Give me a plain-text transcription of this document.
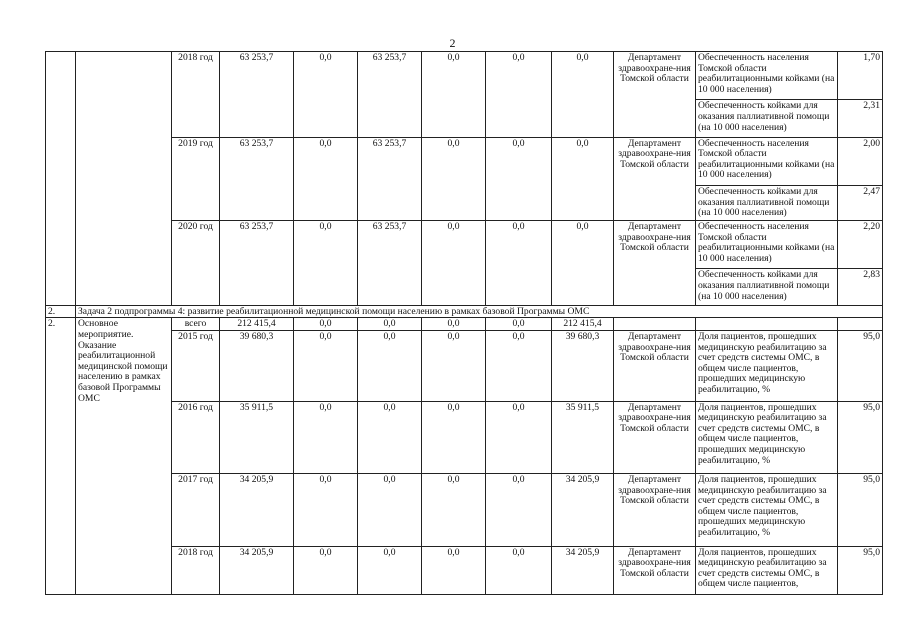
2
		2018 год	63 253,7	0,0	63 253,7	0,0	0,0	0,0	Департамент здравоохране-ния Томской области	Обеспеченность населения Томской области реабилитационными койками (на 10 000 населения)	1,70
										Обеспеченность койками для оказания паллиативной помощи (на 10 000 населения)	2,31
		2019 год	63 253,7	0,0	63 253,7	0,0	0,0	0,0	Департамент здравоохране-ния Томской области	Обеспеченность населения Томской области реабилитационными койками (на 10 000 населения)	2,00
										Обеспеченность койками для оказания паллиативной помощи (на 10 000 населения)	2,47
		2020 год	63 253,7	0,0	63 253,7	0,0	0,0	0,0	Департамент здравоохране-ния Томской области	Обеспеченность населения Томской области реабилитационными койками (на 10 000 населения)	2,20
										Обеспеченность койками для оказания паллиативной помощи (на 10 000 населения)	2,83
2.	Задача 2 подпрограммы 4: развитие реабилитационной медицинской помощи населению в рамках базовой Программы ОМС										
2.	Основное мероприятие. Оказание реабилитационной медицинской помощи населению в рамках базовой Программы ОМС	всего	212 415,4	0,0	0,0	0,0	0,0	212 415,4			
		2015 год	39 680,3	0,0	0,0	0,0	0,0	39 680,3	Департамент здравоохране-ния Томской области	Доля пациентов, прошедших медицинскую реабилитацию за счет средств системы ОМС, в общем числе пациентов, прошедших медицинскую реабилитацию, %	95,0
		2016 год	35 911,5	0,0	0,0	0,0	0,0	35 911,5	Департамент здравоохране-ния Томской области	Доля пациентов, прошедших медицинскую реабилитацию за счет средств системы ОМС, в общем числе пациентов, прошедших медицинскую реабилитацию, %	95,0
		2017 год	34 205,9	0,0	0,0	0,0	0,0	34 205,9	Департамент здравоохране-ния Томской области	Доля пациентов, прошедших медицинскую реабилитацию за счет средств системы ОМС, в общем числе пациентов, прошедших медицинскую реабилитацию, %	95,0
		2018 год	34 205,9	0,0	0,0	0,0	0,0	34 205,9	Департамент здравоохране-ния Томской области	Доля пациентов, прошедших медицинскую реабилитацию за счет средств системы ОМС, в общем числе пациентов,	95,0
